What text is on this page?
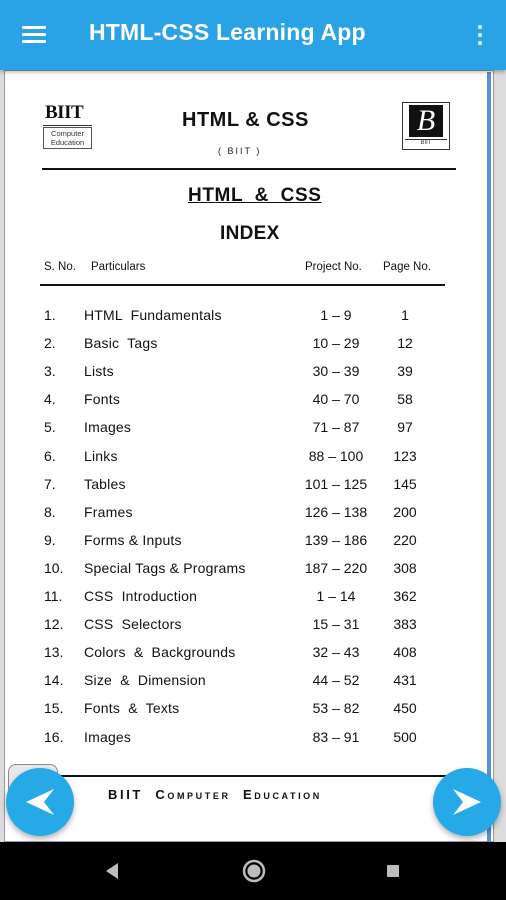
HTML-CSS Learning App
BIIT
Computer Education
B
BIIT
HTML & CSS
( BIIT )
HTML  &  CSS
INDEX
S. No. Particulars	Project No. Page No.
1. HTML  Fundamentals	1 – 9	1
2. Basic  Tags	10 – 29	12
3. Lists	30 – 39	39
4. Fonts	40 – 70	58
5. Images	71 – 87	97
6. Links	88 – 100 123
7. Tables	101 – 125 145
8. Frames	126 – 138 200
9. Forms & Inputs	139 – 186 220
10. Special Tags & Programs	187 – 220 308
11. CSS  Introduction	1 – 14	362
12. CSS  Selectors	15 – 31 383
13. Colors  &  Backgrounds	32 – 43 408
14. Size  &  Dimension	44 – 52 431
15. Fonts  &  Texts	53 – 82 450
16. Images	83 – 91 500
BIIT  Computer  Education
